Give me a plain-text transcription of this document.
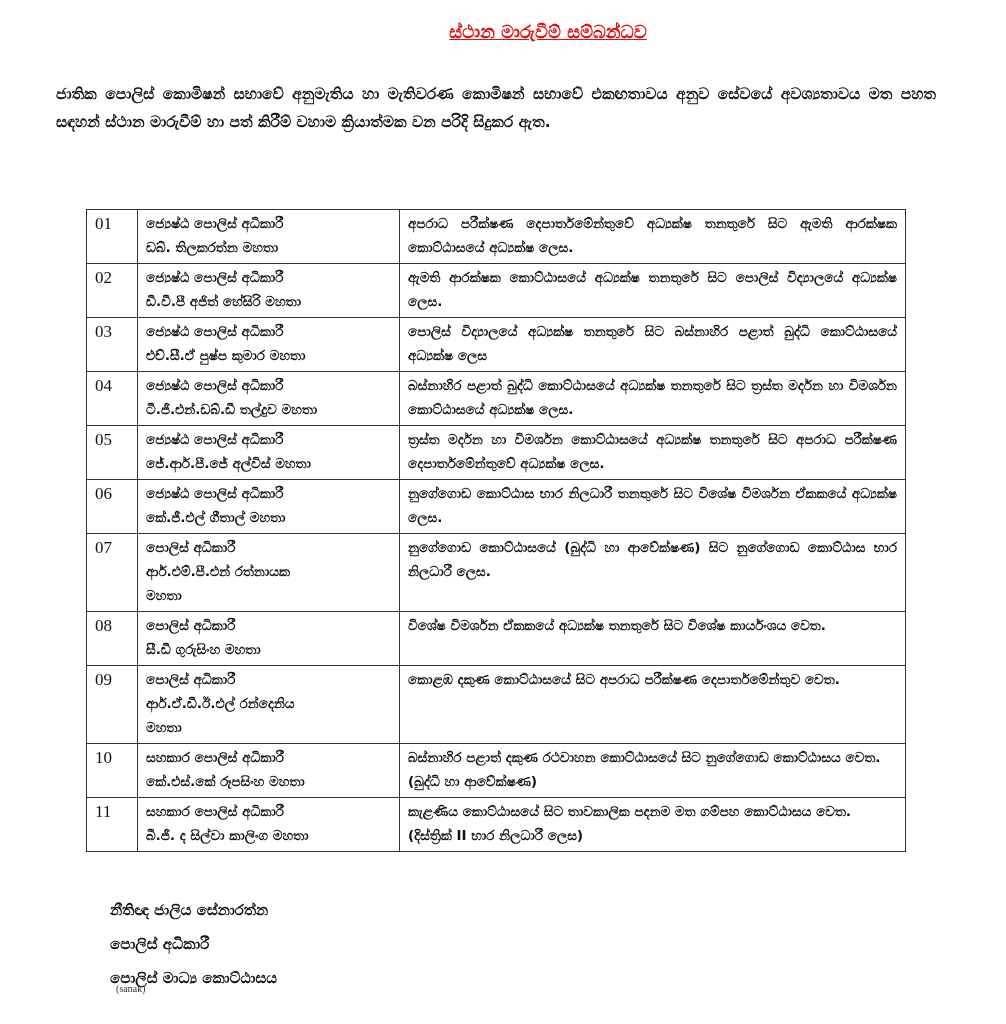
ස්ථාන මාරුවීම් සම්බන්ධව
ජාතික පොලිස් කොමිෂන් සභාවේ අනුමැතිය හා මැතිවරණ කොමිෂන් සභාවේ එකඟතාවය අනුව සේවයේ අවශ්‍යතාවය මත පහත සඳහන් ස්ථාන මාරුවීම් හා පත් කිරීම් වහාම ක්‍රියාත්මක වන පරිදි සිදුකර ඇත.
01	ජ්‍යෙෂ්ඨ පොලිස් අධිකාරී
ඩබ්. තිලකරත්න මහතා	අපරාධ පරීක්ෂණ දෙපාර්තමේන්තුවේ අධ්‍යක්ෂ තනතුරේ සිට ඇමති ආරක්ෂක කොට්ඨාසයේ අධ්‍යක්ෂ ලෙස.

02	ජ්‍යෙෂ්ඨ පොලිස් අධිකාරී
ඩී.වී.පී අජිත් හේසිරි මහතා	ඇමති ආරක්ෂක කොට්ඨාසයේ අධ්‍යක්ෂ තනතුරේ සිට පොලිස් විද්‍යාලයේ අධ්‍යක්ෂ ලෙස.

03	ජ්‍යෙෂ්ඨ පොලිස් අධිකාරී
එච්.සී.ඒ පුෂ්ප කුමාර මහතා	පොලිස් විද්‍යාලයේ අධ්‍යක්ෂ තනතුරේ සිට බස්නාහිර පළාත් බුද්ධි කොට්ඨාසයේ අධ්‍යක්ෂ ලෙස

04	ජ්‍යෙෂ්ඨ පොලිස් අධිකාරී
ටී.ජී.එන්.ඩබ්.ඩී තල්දුව මහතා	බස්නාහිර පළාත් බුද්ධි කොට්ඨාසයේ අධ්‍යක්ෂ තනතුරේ සිට ත්‍රස්ත මර්දන හා විමර්ශන කොට්ඨාසයේ අධ්‍යක්ෂ ලෙස.

05	ජ්‍යෙෂ්ඨ පොලිස් අධිකාරී
ජේ.ආර්.පී.ජේ අල්විස් මහතා	ත්‍රස්ත මර්දන හා විමර්ශන කොට්ඨාසයේ අධ්‍යක්ෂ තනතුරේ සිට අපරාධ පරීක්ෂණ දෙපාර්තමේන්තුවේ අධ්‍යක්ෂ ලෙස.

06	ජ්‍යෙෂ්ඨ පොලිස් අධිකාරී
කේ.ජී.එල් ගීතාල් මහතා	නුගේගොඩ කොට්ඨාස භාර නිලධාරී තනතුරේ සිට විශේෂ විමර්ශන ඒකකයේ අධ්‍යක්ෂ ලෙස.

07	පොලිස් අධිකාරී
ආර්.එම්.පී.එන් රත්නායක
මහතා	නුගේගොඩ කොට්ඨාසයේ (බුද්ධි හා ආවේක්ෂණ) සිට නුගේගොඩ කොට්ඨාස භාර නිලධාරී ලෙස.

08	පොලිස් අධිකාරී
සී.ඩී ගුරුසිංහ මහතා	විශේෂ විමර්ශන ඒකකයේ අධ්‍යක්ෂ තනතුරේ සිට විශේෂ කාර්යංශය වෙත.

09	පොලිස් අධිකාරී
ආර්.ඒ.ඩී.ඊ.එල් රන්දෙනිය
මහතා	කොළඹ දකුණ කොට්ඨාසයේ සිට අපරාධ පරීක්ෂණ දෙපාර්තමේන්තුව වෙත.

10	සහකාර පොලිස් අධිකාරී
කේ.එස්.කේ රූපසිංහ මහතා	බස්නාහිර පළාත් දකුණ රථවාහන කොට්ඨාසයේ සිට නුගේගොඩ කොට්ඨාසය වෙත.
(බුද්ධි හා ආවේක්ෂණ)

11	සහකාර පොලිස් අධිකාරී
බී.ජී. ද සිල්වා කාලිංග මහතා	කැළණිය කොට්ඨාසයේ සිට තාවකාලික පදනම මත ගම්පහ කොට්ඨාසය වෙත.
(දිස්ත්‍රික් II භාර නිලධාරී ලෙස)
නීතිඥ ජාලිය සේනාරත්න
පොලිස් අධිකාරී
පොලිස් මාධ්‍ය කොට්ඨාසය
(sanak)
